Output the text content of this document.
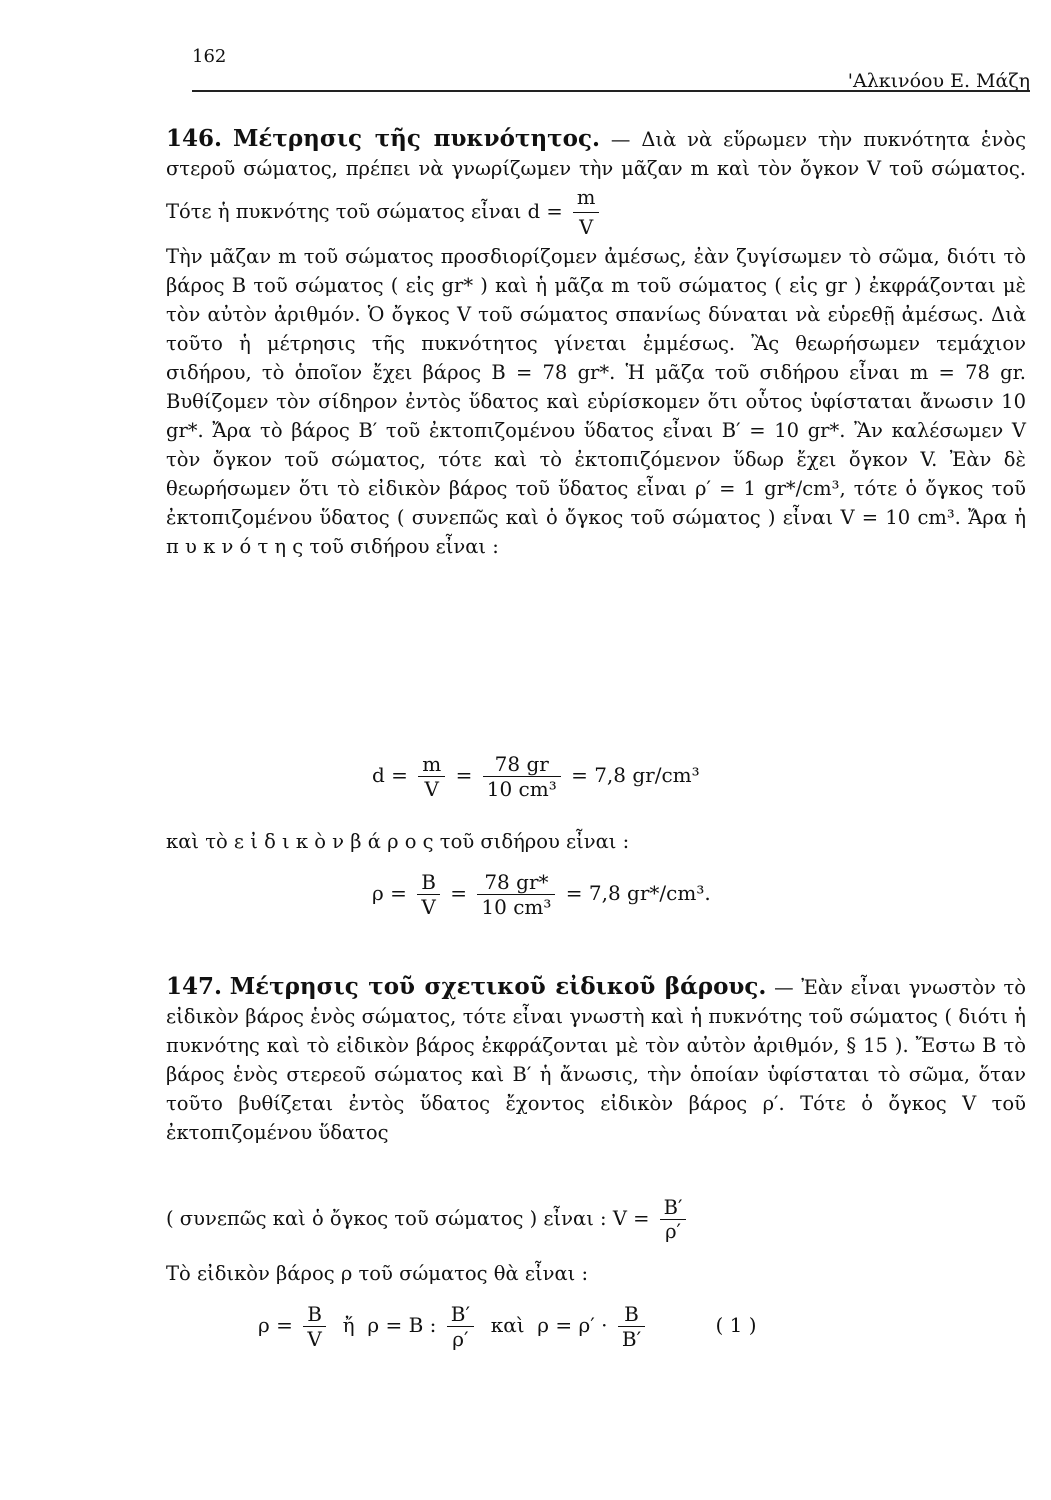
162
'Αλκινόου Ε. Μάζη

146. Μέτρησις τῆς πυκνότητος. — Διὰ νὰ εὕρωμεν τὴν πυκνότητα ἑνὸς στεροῦ σώματος, πρέπει νὰ γνωρίζωμεν τὴν μᾶζαν m καὶ τὸν ὄγκον V τοῦ σώματος. Τότε ἡ πυκνότης τοῦ σώματος εἶναι $d = \frac{m}{V}$

Τὴν μᾶζαν m τοῦ σώματος προσδιορίζομεν ἀμέσως, ἐὰν ζυγίσωμεν τὸ σῶμα, διότι τὸ βάρος B τοῦ σώματος ( εἰς gr* ) καὶ ἡ μᾶζα m τοῦ σώματος ( εἰς gr ) ἐκφράζονται μὲ τὸν αὐτὸν ἀριθμόν. Ὁ ὄγκος V τοῦ σώματος σπανίως δύναται νὰ εὑρεθῇ ἀμέσως. Διὰ τοῦτο ἡ μέτρησις τῆς πυκνότητος γίνεται ἐμμέσως. Ἂς θεωρήσωμεν τεμάχιον σιδήρου, τὸ ὁποῖον ἔχει βάρος B = 78 gr*. Ἡ μᾶζα τοῦ σιδήρου εἶναι m = 78 gr. Βυθίζομεν τὸν σίδηρον ἐντὸς ὕδατος καὶ εὑρίσκομεν ὅτι οὗτος ὑφίσταται ἄνωσιν 10 gr*. Ἄρα τὸ βάρος B′ τοῦ ἐκτοπιζομένου ὕδατος εἶναι B′ = 10 gr*. Ἂν καλέσωμεν V τὸν ὄγκον τοῦ σώματος, τότε καὶ τὸ ἐκτοπιζόμενον ὕδωρ ἔχει ὄγκον V. Ἐὰν δὲ θεωρήσωμεν ὅτι τὸ εἰδικὸν βάρος τοῦ ὕδατος εἶναι ρ′ = 1 gr*/cm³, τότε ὁ ὄγκος τοῦ ἐκτοπιζομένου ὕδατος ( συνεπῶς καὶ ὁ ὄγκος τοῦ σώματος ) εἶναι V = 10 cm³. Ἄρα ἡ π υ κ ν ό τ η ς τοῦ σιδήρου εἶναι :

$d = \frac{m}{V} = \frac{78 gr}{\text{10 cm³}} = 7,8$ gr/cm³
καὶ τὸ ε ἰ δ ι κ ὸ ν β ά ρ ο ς τοῦ σιδήρου εἶναι :
$\rho = \frac{B}{V} = \frac{78 gr*}{\text{10 cm³}} = 7,8$ gr*/cm³.

147. Μέτρησις τοῦ σχετικοῦ εἰδικοῦ βάρους. — Ἐὰν εἶναι γνωστὸν τὸ εἰδικὸν βάρος ἑνὸς σώματος, τότε εἶναι γνωστὴ καὶ ἡ πυκνότης τοῦ σώματος ( διότι ἡ πυκνότης καὶ τὸ εἰδικὸν βάρος ἐκφράζονται μὲ τὸν αὐτὸν ἀριθμόν, § 15 ). Ἔστω B τὸ βάρος ἑνὸς στερεοῦ σώματος καὶ B′ ἡ ἄνωσις, τὴν ὁποίαν ὑφίσταται τὸ σῶμα, ὅταν τοῦτο βυθίζεται ἐντὸς ὕδατος ἔχοντος εἰδικὸν βάρος ρ′. Τότε ὁ ὄγκος V τοῦ ἐκτοπιζομένου ὕδατος

( συνεπῶς καὶ ὁ ὄγκος τοῦ σώματος ) εἶναι : $V = \frac{B'}{\rho'}$
Τὸ εἰδικὸν βάρος ρ τοῦ σώματος θὰ εἶναι :
$\rho = \frac{B}{V}$ ἤ ρ = B : $\frac{B'}{\rho'}$ καὶ $\rho = \rho' \cdot \frac{B}{B'}$	( 1 )
